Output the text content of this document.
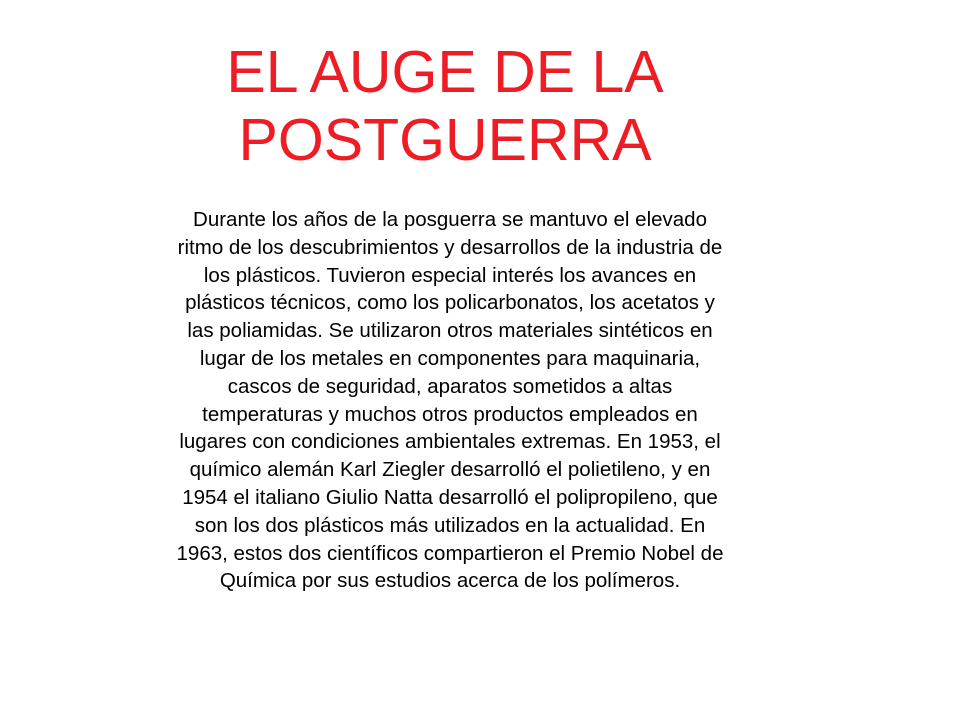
EL AUGE DE LA
POSTGUERRA

Durante los años de la posguerra se mantuvo el elevado
ritmo de los descubrimientos y desarrollos de la industria de
los plásticos. Tuvieron especial interés los avances en
plásticos técnicos, como los policarbonatos, los acetatos y
las poliamidas. Se utilizaron otros materiales sintéticos en
lugar de los metales en componentes para maquinaria,
cascos de seguridad, aparatos sometidos a altas
temperaturas y muchos otros productos empleados en
lugares con condiciones ambientales extremas. En 1953, el
químico alemán Karl Ziegler desarrolló el polietileno, y en
1954 el italiano Giulio Natta desarrolló el polipropileno, que
son los dos plásticos más utilizados en la actualidad. En
1963, estos dos científicos compartieron el Premio Nobel de
Química por sus estudios acerca de los polímeros.
